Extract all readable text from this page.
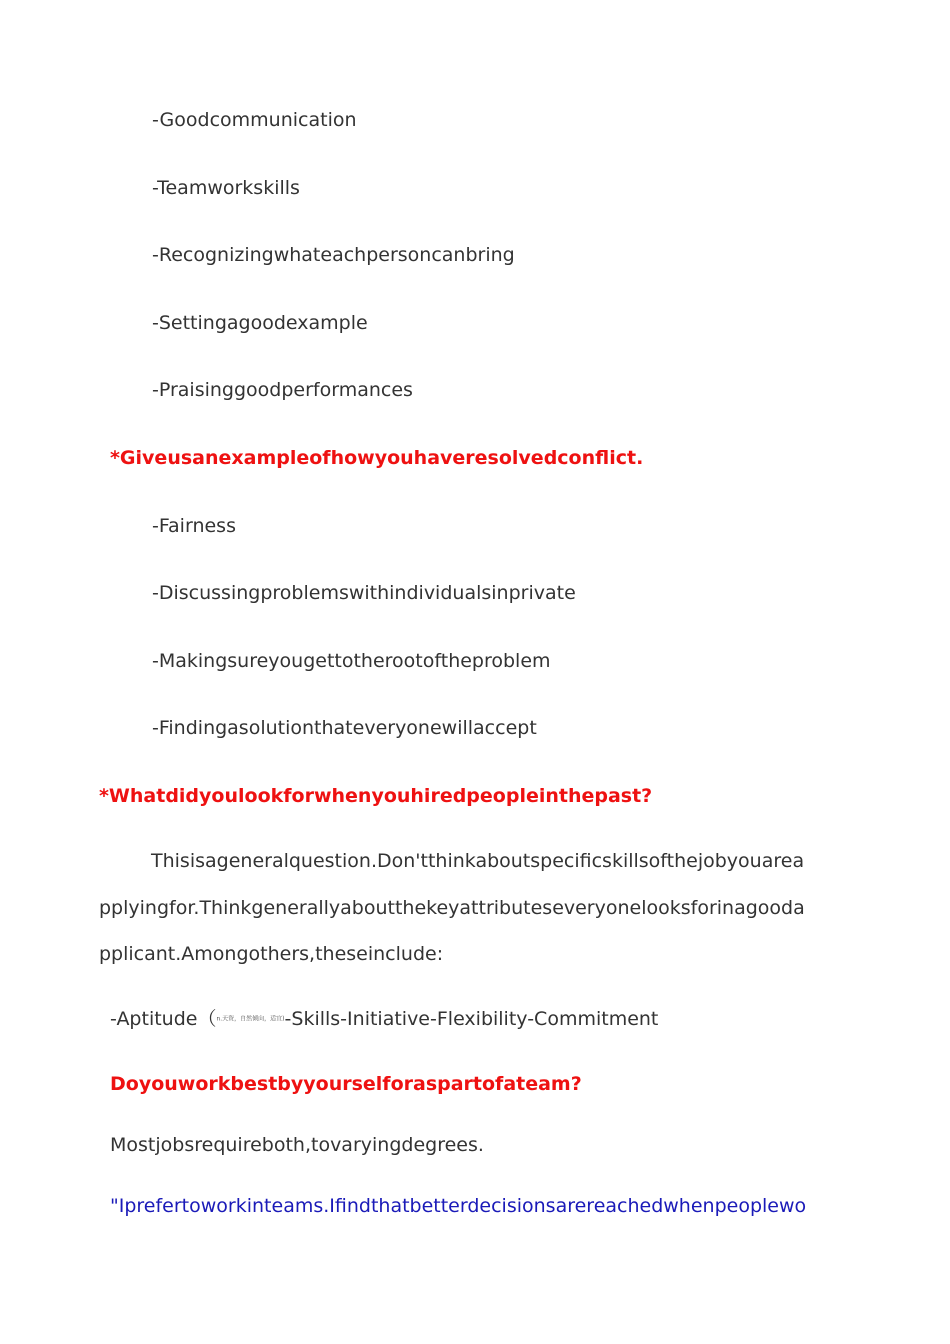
-Goodcommunication
-Teamworkskills
-Recognizingwhateachpersoncanbring
-Settingagoodexample
-Praisinggoodperformances
*Giveusanexampleofhowyouhaveresolvedconflict.
-Fairness
-Discussingproblemswithindividualsinprivate
-Makingsureyougettotherootoftheproblem
-Findingasolutionthateveryonewillaccept
*Whatdidyoulookforwhenyouhiredpeopleinthepast?
Thisisageneralquestion.Don'tthinkaboutspecificskillsofthejobyouarea
pplyingfor.Thinkgenerallyaboutthekeyattributeseveryonelooksforinagooda
pplicant.Amongothers,theseinclude:
-Aptitude（n.天资，自然倾向，适宜)-Skills-Initiative-Flexibility-Commitment
Doyouworkbestbyyourselforaspartofateam?
Mostjobsrequireboth,tovaryingdegrees.
"Iprefertoworkinteams.Ifindthatbetterdecisionsarereachedwhenpeoplewo
